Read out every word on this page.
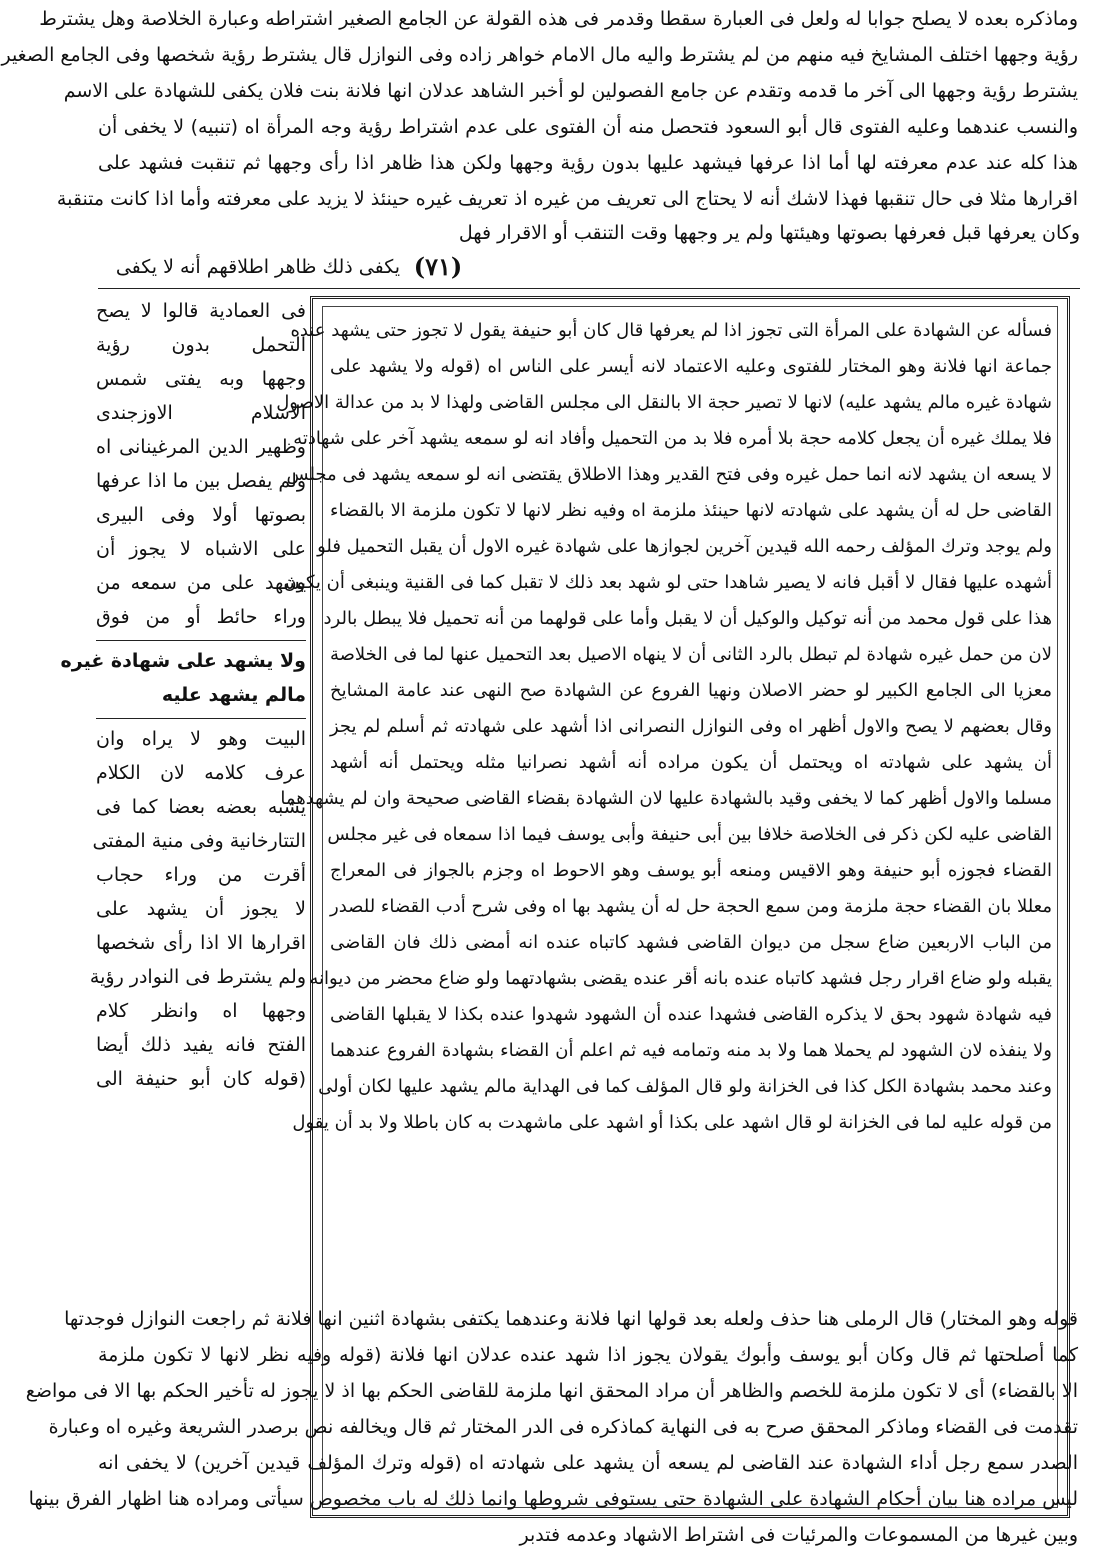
وماذكره بعده لا يصلح جوابا له ولعل فى العبارة سقطا وقدمر فى هذه القولة عن الجامع الصغير اشتراطه وعبارة الخلاصة وهل يشترط
رؤية وجهها اختلف المشايخ فيه منهم من لم يشترط واليه مال الامام خواهر زاده وفى النوازل قال يشترط رؤية شخصها وفى الجامع الصغير
يشترط رؤية وجهها الى آخر ما قدمه وتقدم عن جامع الفصولين لو أخبر الشاهد عدلان انها فلانة بنت فلان يكفى للشهادة على الاسم
والنسب عندهما وعليه الفتوى قال أبو السعود فتحصل منه أن الفتوى على عدم اشتراط رؤية وجه المرأة اه (تنبيه) لا يخفى أن
هذا كله عند عدم معرفته لها أما اذا عرفها فيشهد عليها بدون رؤية وجهها ولكن هذا ظاهر اذا رأى وجهها ثم تنقبت فشهد على
اقرارها مثلا فى حال تنقبها فهذا لاشك أنه لا يحتاج الى تعريف من غيره اذ تعريف غيره حينئذ لا يزيد على معرفته وأما اذا كانت متنقبة
وكان يعرفها قبل فعرفها بصوتها وهيئتها ولم ير وجهها وقت التنقب أو الاقرار فهل
يكفى ذلك ظاهر اطلاقهم أنه لا يكفى (٧١)
فسأله عن الشهادة على المرأة التى تجوز اذا لم يعرفها قال كان أبو حنيفة يقول لا تجوز حتى يشهد عنده
جماعة انها فلانة وهو المختار للفتوى وعليه الاعتماد لانه أيسر على الناس اه (قوله ولا يشهد على
شهادة غيره مالم يشهد عليه) لانها لا تصير حجة الا بالنقل الى مجلس القاضى ولهذا لا بد من عدالة الاصول
فلا يملك غيره أن يجعل كلامه حجة بلا أمره فلا بد من التحميل وأفاد انه لو سمعه يشهد آخر على شهادته
لا يسعه ان يشهد لانه انما حمل غيره وفى فتح القدير وهذا الاطلاق يقتضى انه لو سمعه يشهد فى مجلس
القاضى حل له أن يشهد على شهادته لانها حينئذ ملزمة اه وفيه نظر لانها لا تكون ملزمة الا بالقضاء
ولم يوجد وترك المؤلف رحمه الله قيدين آخرين لجوازها على شهادة غيره الاول أن يقبل التحميل فلو
أشهده عليها فقال لا أقبل فانه لا يصير شاهدا حتى لو شهد بعد ذلك لا تقبل كما فى القنية وينبغى أن يكون
هذا على قول محمد من أنه توكيل والوكيل أن لا يقبل وأما على قولهما من أنه تحميل فلا يبطل بالرد
لان من حمل غيره شهادة لم تبطل بالرد الثانى أن لا ينهاه الاصيل بعد التحميل عنها لما فى الخلاصة
معزيا الى الجامع الكبير لو حضر الاصلان ونهيا الفروع عن الشهادة صح النهى عند عامة المشايخ
وقال بعضهم لا يصح والاول أظهر اه وفى النوازل النصرانى اذا أشهد على شهادته ثم أسلم لم يجز
أن يشهد على شهادته اه ويحتمل أن يكون مراده أنه أشهد نصرانيا مثله ويحتمل أنه أشهد
مسلما والاول أظهر كما لا يخفى وقيد بالشهادة عليها لان الشهادة بقضاء القاضى صحيحة وان لم يشهدهما
القاضى عليه لكن ذكر فى الخلاصة خلافا بين أبى حنيفة وأبى يوسف فيما اذا سمعاه فى غير مجلس
القضاء فجوزه أبو حنيفة وهو الاقيس ومنعه أبو يوسف وهو الاحوط اه وجزم بالجواز فى المعراج
معللا بان القضاء حجة ملزمة ومن سمع الحجة حل له أن يشهد بها اه وفى شرح أدب القضاء للصدر
من الباب الاربعين ضاع سجل من ديوان القاضى فشهد كاتباه عنده انه أمضى ذلك فان القاضى
يقبله ولو ضاع اقرار رجل فشهد كاتباه عنده بانه أقر عنده يقضى بشهادتهما ولو ضاع محضر من ديوانه
فيه شهادة شهود بحق لا يذكره القاضى فشهدا عنده أن الشهود شهدوا عنده بكذا لا يقبلها القاضى
ولا ينفذه لان الشهود لم يحملا هما ولا بد منه وتمامه فيه ثم اعلم أن القضاء بشهادة الفروع عندهما
وعند محمد بشهادة الكل كذا فى الخزانة ولو قال المؤلف كما فى الهداية مالم يشهد عليها لكان أولى
من قوله عليه لما فى الخزانة لو قال اشهد على بكذا أو اشهد على ماشهدت به كان باطلا ولا بد أن يقول
فى العمادية قالوا لا يصح
التحمل بدون رؤية
وجهها وبه يفتى شمس
الاسلام الاوزجندى
وظهير الدين المرغينانى اه
ولم يفصل بين ما اذا عرفها
بصوتها أولا وفى البيرى
على الاشباه لا يجوز أن
يشهد على من سمعه من
وراء حائط أو من فوق
ولا يشهد على شهادة غيره
مالم يشهد عليه
البيت وهو لا يراه وان
عرف كلامه لان الكلام
يشبه بعضه بعضا كما فى
التتارخانية وفى منية المفتى
أقرت من وراء حجاب
لا يجوز أن يشهد على
اقرارها الا اذا رأى شخصها
ولم يشترط فى النوادر رؤية
وجهها اه وانظر كلام
الفتح فانه يفيد ذلك أيضا
(قوله كان أبو حنيفة الى
قوله وهو المختار) قال الرملى هنا حذف ولعله بعد قولها انها فلانة وعندهما يكتفى بشهادة اثنين انها فلانة ثم راجعت النوازل فوجدتها
كما أصلحتها ثم قال وكان أبو يوسف وأبوك يقولان يجوز اذا شهد عنده عدلان انها فلانة (قوله وفيه نظر لانها لا تكون ملزمة
الا بالقضاء) أى لا تكون ملزمة للخصم والظاهر أن مراد المحقق انها ملزمة للقاضى الحكم بها اذ لا يجوز له تأخير الحكم بها الا فى مواضع
تقدمت فى القضاء وماذكر المحقق صرح به فى النهاية كماذكره فى الدر المختار ثم قال ويخالفه نص برصدر الشريعة وغيره اه وعبارة
الصدر سمع رجل أداء الشهادة عند القاضى لم يسعه أن يشهد على شهادته اه (قوله وترك المؤلف قيدين آخرين) لا يخفى انه
ليس مراده هنا بيان أحكام الشهادة على الشهادة حتى يستوفى شروطها وانما ذلك له باب مخصوص سيأتى ومراده هنا اظهار الفرق بينها
وبين غيرها من المسموعات والمرئيات فى اشتراط الاشهاد وعدمه فتدبر
